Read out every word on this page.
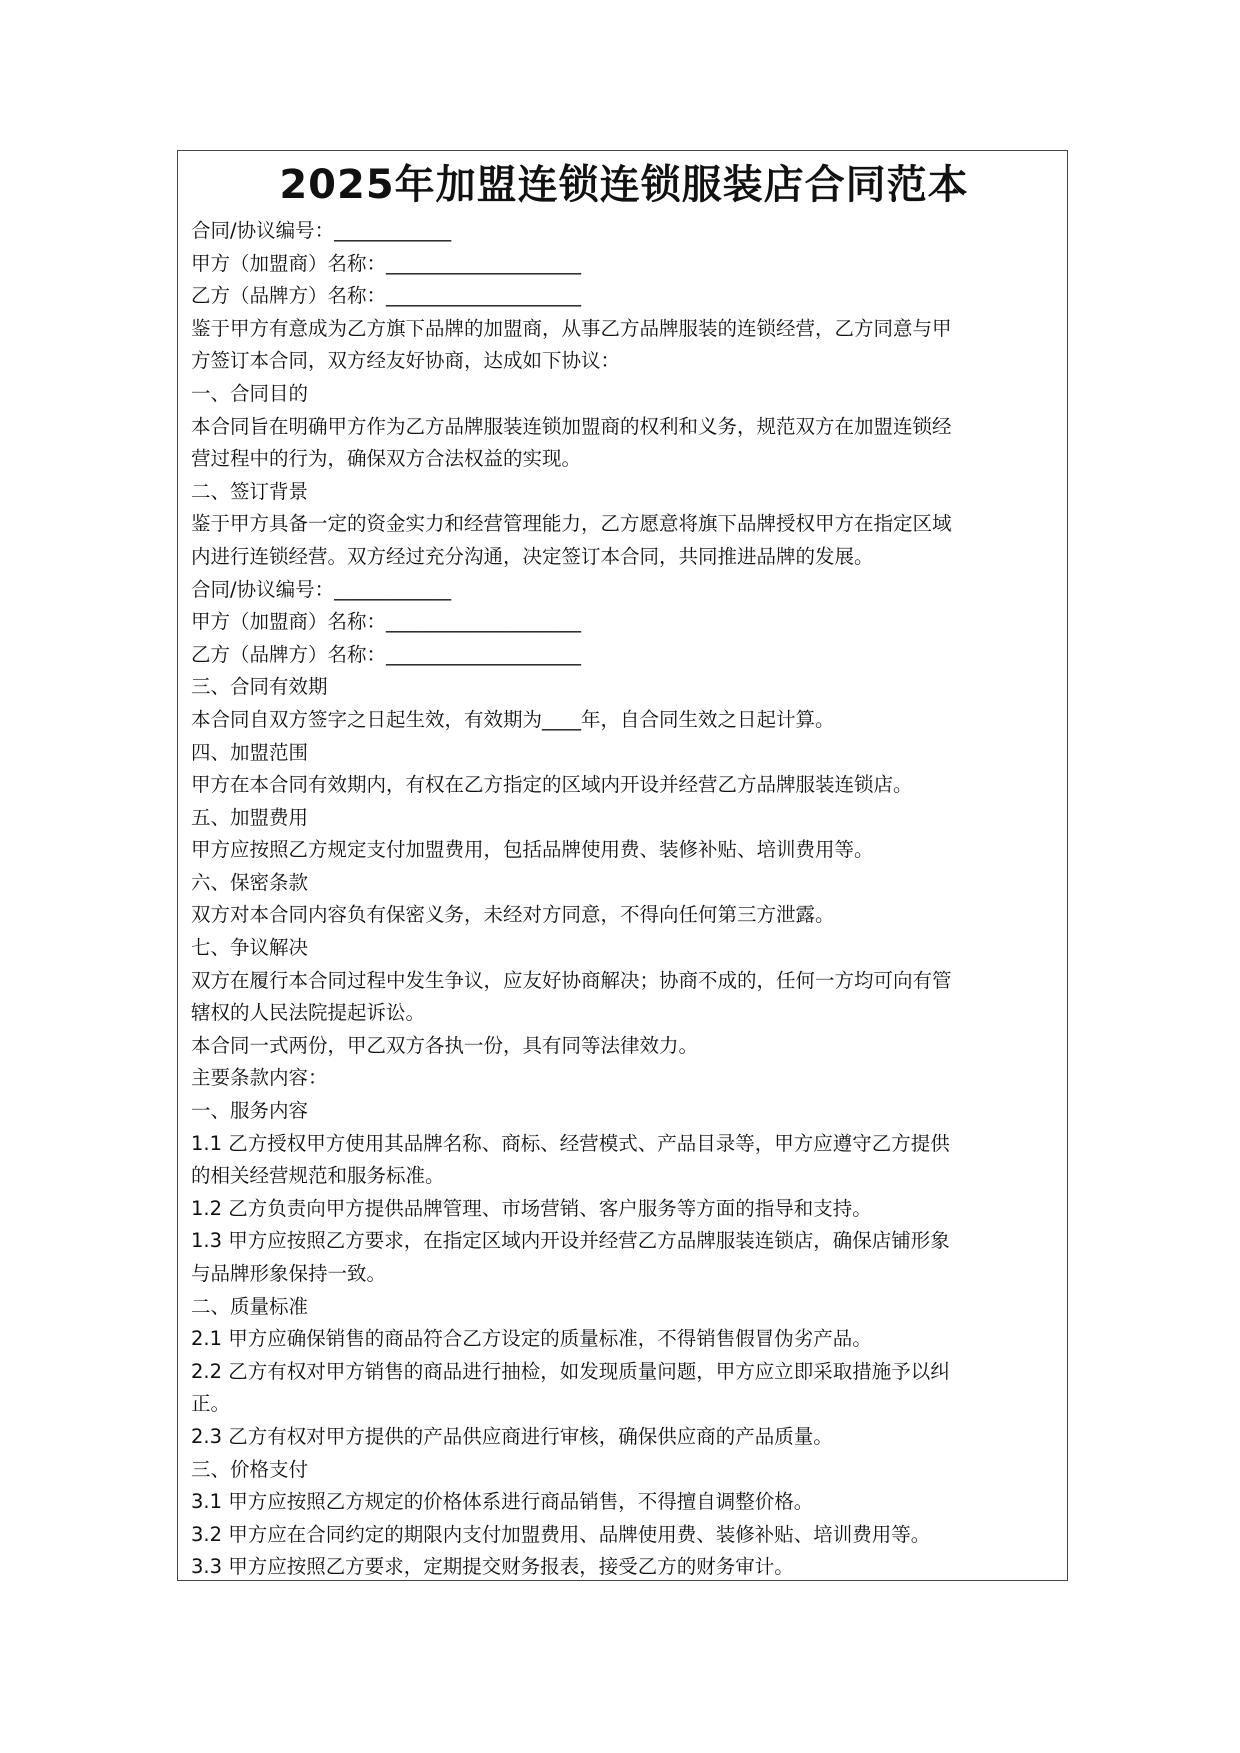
2025年加盟连锁连锁服装店合同范本
合同/协议编号：____________
甲方（加盟商）名称：____________________
乙方（品牌方）名称：____________________
鉴于甲方有意成为乙方旗下品牌的加盟商，从事乙方品牌服装的连锁经营，乙方同意与甲
方签订本合同，双方经友好协商，达成如下协议：
一、合同目的
本合同旨在明确甲方作为乙方品牌服装连锁加盟商的权利和义务，规范双方在加盟连锁经
营过程中的行为，确保双方合法权益的实现。
二、签订背景
鉴于甲方具备一定的资金实力和经营管理能力，乙方愿意将旗下品牌授权甲方在指定区域
内进行连锁经营。双方经过充分沟通，决定签订本合同，共同推进品牌的发展。
合同/协议编号：____________
甲方（加盟商）名称：____________________
乙方（品牌方）名称：____________________
三、合同有效期
本合同自双方签字之日起生效，有效期为____年，自合同生效之日起计算。
四、加盟范围
甲方在本合同有效期内，有权在乙方指定的区域内开设并经营乙方品牌服装连锁店。
五、加盟费用
甲方应按照乙方规定支付加盟费用，包括品牌使用费、装修补贴、培训费用等。
六、保密条款
双方对本合同内容负有保密义务，未经对方同意，不得向任何第三方泄露。
七、争议解决
双方在履行本合同过程中发生争议，应友好协商解决；协商不成的，任何一方均可向有管
辖权的人民法院提起诉讼。
本合同一式两份，甲乙双方各执一份，具有同等法律效力。
主要条款内容：
一、服务内容
1.1 乙方授权甲方使用其品牌名称、商标、经营模式、产品目录等，甲方应遵守乙方提供
的相关经营规范和服务标准。
1.2 乙方负责向甲方提供品牌管理、市场营销、客户服务等方面的指导和支持。
1.3 甲方应按照乙方要求，在指定区域内开设并经营乙方品牌服装连锁店，确保店铺形象
与品牌形象保持一致。
二、质量标准
2.1 甲方应确保销售的商品符合乙方设定的质量标准，不得销售假冒伪劣产品。
2.2 乙方有权对甲方销售的商品进行抽检，如发现质量问题，甲方应立即采取措施予以纠
正。
2.3 乙方有权对甲方提供的产品供应商进行审核，确保供应商的产品质量。
三、价格支付
3.1 甲方应按照乙方规定的价格体系进行商品销售，不得擅自调整价格。
3.2 甲方应在合同约定的期限内支付加盟费用、品牌使用费、装修补贴、培训费用等。
3.3 甲方应按照乙方要求，定期提交财务报表，接受乙方的财务审计。
